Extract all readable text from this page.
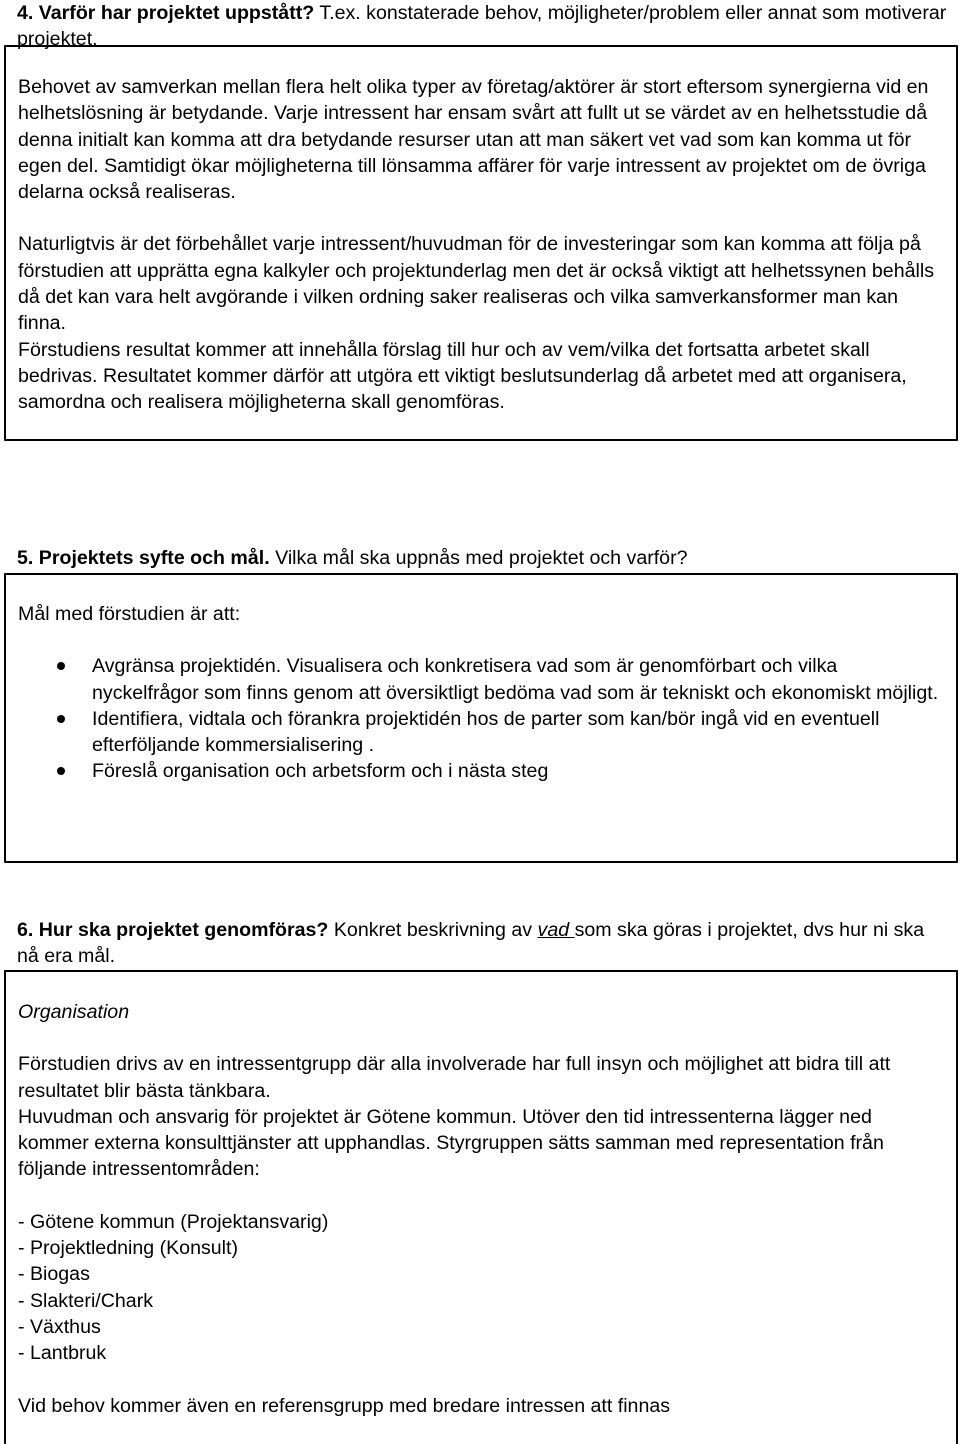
4. Varför har projektet uppstått? T.ex. konstaterade behov, möjligheter/problem eller annat som motiverar projektet.

Behovet av samverkan mellan flera helt olika typer av företag/aktörer är stort eftersom synergierna vid en helhetslösning är betydande. Varje intressent har ensam svårt att fullt ut se värdet av en helhetsstudie då denna initialt kan komma att dra betydande resurser utan att man säkert vet vad som kan komma ut för egen del. Samtidigt ökar möjligheterna till lönsamma affärer för varje intressent av projektet om de övriga delarna också realiseras.

Naturligtvis är det förbehållet varje intressent/huvudman för de investeringar som kan komma att följa på förstudien att upprätta egna kalkyler och projektunderlag men det är också viktigt att helhetssynen behålls då det kan vara helt avgörande i vilken ordning saker realiseras och vilka samverkansformer man kan finna.

Förstudiens resultat kommer att innehålla förslag till hur och av vem/vilka det fortsatta arbetet skall bedrivas. Resultatet kommer därför att utgöra ett viktigt beslutsunderlag då arbetet med att organisera, samordna och realisera möjligheterna skall genomföras.

5. Projektets syfte och mål. Vilka mål ska uppnås med projektet och varför?

Mål med förstudien är att:

Avgränsa projektidén. Visualisera och konkretisera vad som är genomförbart och vilka nyckelfrågor som finns genom att översiktligt bedöma vad som är tekniskt och ekonomiskt möjligt.
Identifiera, vidtala och förankra projektidén hos de parter som kan/bör ingå vid en eventuell efterföljande kommersialisering .
Föreslå organisation och arbetsform och i nästa steg

6. Hur ska projektet genomföras? Konkret beskrivning av vad som ska göras i projektet, dvs hur ni ska nå era mål.

Organisation

Förstudien drivs av en intressentgrupp där alla involverade har full insyn och möjlighet att bidra till att resultatet blir bästa tänkbara.

Huvudman och ansvarig för projektet är Götene kommun. Utöver den tid intressenterna lägger ned kommer externa konsulttjänster att upphandlas. Styrgruppen sätts samman med representation från följande intressentområden:

- Götene kommun (Projektansvarig)
- Projektledning (Konsult)
- Biogas
- Slakteri/Chark
- Växthus
- Lantbruk

Vid behov kommer även en referensgrupp med bredare intressen att finnas
